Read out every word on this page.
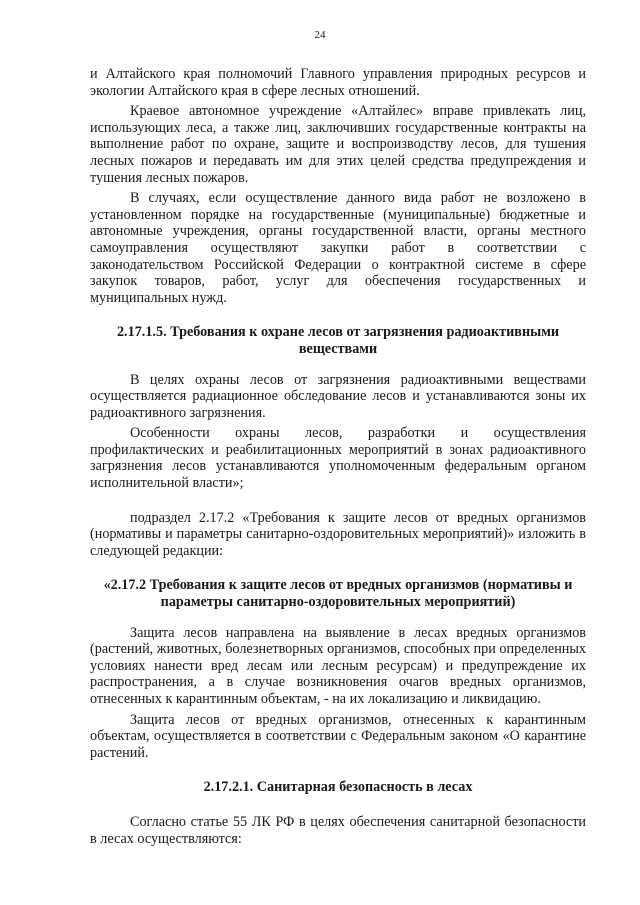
24

и Алтайского края полномочий Главного управления природных ресурсов и экологии Алтайского края в сфере лесных отношений.

Краевое автономное учреждение «Алтайлес» вправе привлекать лиц, использующих леса, а также лиц, заключивших государственные контракты на выполнение работ по охране, защите и воспроизводству лесов, для тушения лесных пожаров и передавать им для этих целей средства предупреждения и тушения лесных пожаров.

В случаях, если осуществление данного вида работ не возложено в установленном порядке на государственные (муниципальные) бюджетные и автономные учреждения, органы государственной власти, органы местного самоуправления осуществляют закупки работ в соответствии с законодательством Российской Федерации о контрактной системе в сфере закупок товаров, работ, услуг для обеспечения государственных и муниципальных нужд.

2.17.1.5. Требования к охране лесов от загрязнения радиоактивными веществами

В целях охраны лесов от загрязнения радиоактивными веществами осуществляется радиационное обследование лесов и устанавливаются зоны их радиоактивного загрязнения.

Особенности охраны лесов, разработки и осуществления профилактических и реабилитационных мероприятий в зонах радиоактивного загрязнения лесов устанавливаются уполномоченным федеральным органом исполнительной власти»;

подраздел 2.17.2 «Требования к защите лесов от вредных организмов (нормативы и параметры санитарно-оздоровительных мероприятий)» изложить в следующей редакции:

«2.17.2 Требования к защите лесов от вредных организмов (нормативы и параметры санитарно-оздоровительных мероприятий)

Защита лесов направлена на выявление в лесах вредных организмов (растений, животных, болезнетворных организмов, способных при определенных условиях нанести вред лесам или лесным ресурсам) и предупреждение их распространения, а в случае возникновения очагов вредных организмов, отнесенных к карантинным объектам, - на их локализацию и ликвидацию.

Защита лесов от вредных организмов, отнесенных к карантинным объектам, осуществляется в соответствии с Федеральным законом «О карантине растений.

2.17.2.1. Санитарная безопасность в лесах

Согласно статье 55 ЛК РФ в целях обеспечения санитарной безопасности в лесах осуществляются:
